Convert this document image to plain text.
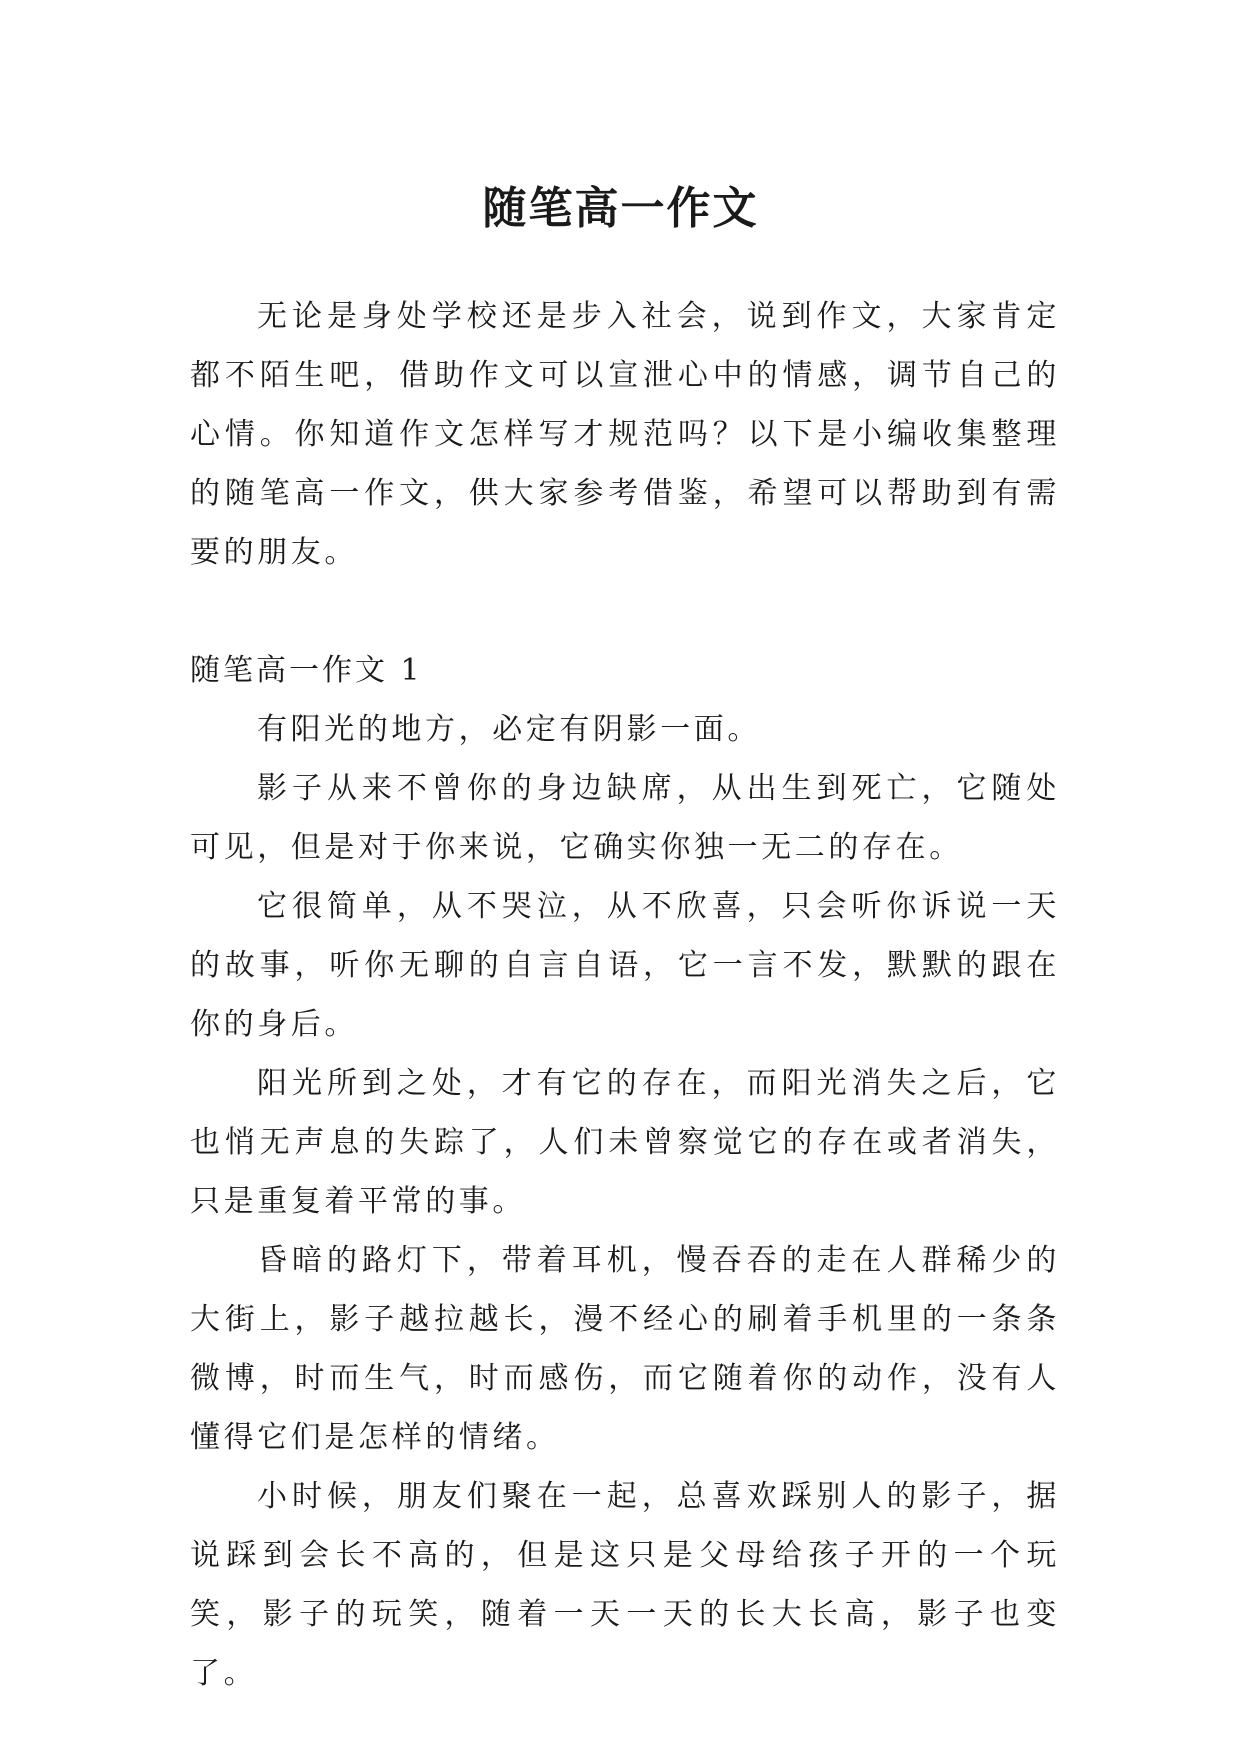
随笔高一作文

无论是身处学校还是步入社会，说到作文，大家肯定都不陌生吧，借助作文可以宣泄心中的情感，调节自己的心情。你知道作文怎样写才规范吗？以下是小编收集整理的随笔高一作文，供大家参考借鉴，希望可以帮助到有需要的朋友。

随笔高一作文 1

有阳光的地方，必定有阴影一面。

影子从来不曾你的身边缺席，从出生到死亡，它随处可见，但是对于你来说，它确实你独一无二的存在。

它很简单，从不哭泣，从不欣喜，只会听你诉说一天的故事，听你无聊的自言自语，它一言不发，默默的跟在你的身后。

阳光所到之处，才有它的存在，而阳光消失之后，它也悄无声息的失踪了，人们未曾察觉它的存在或者消失，只是重复着平常的事。

昏暗的路灯下，带着耳机，慢吞吞的走在人群稀少的大街上，影子越拉越长，漫不经心的刷着手机里的一条条微博，时而生气，时而感伤，而它随着你的动作，没有人懂得它们是怎样的情绪。

小时候，朋友们聚在一起，总喜欢踩别人的影子，据说踩到会长不高的，但是这只是父母给孩子开的一个玩笑，影子的玩笑，随着一天一天的长大长高，影子也变了。
